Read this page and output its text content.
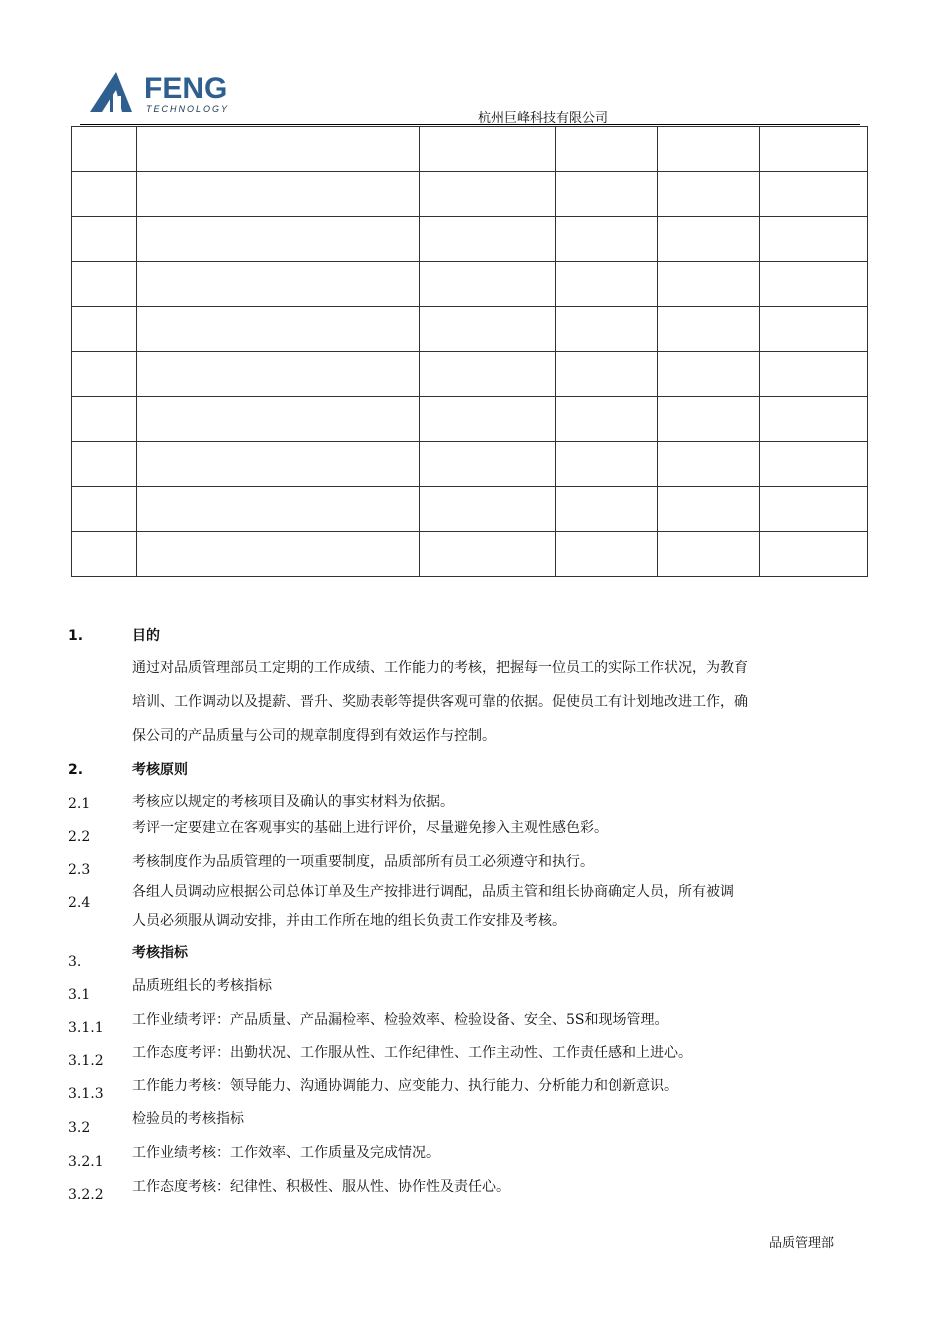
FENG
TECHNOLOGY
杭州巨峰科技有限公司

1.	目的
通过对品质管理部员工定期的工作成绩、工作能力的考核，把握每一位员工的实际工作状况，为教育
培训、工作调动以及提薪、晋升、奖励表彰等提供客观可靠的依据。促使员工有计划地改进工作，确
保公司的产品质量与公司的规章制度得到有效运作与控制。
2.	考核原则
2.1	考核应以规定的考核项目及确认的事实材料为依据。
2.2
考评一定要建立在客观事实的基础上进行评价，尽量避免掺入主观性感色彩。
2.3	考核制度作为品质管理的一项重要制度，品质部所有员工必须遵守和执行。
2.4
各组人员调动应根据公司总体订单及生产按排进行调配，品质主管和组长协商确定人员，所有被调
人员必须服从调动安排，并由工作所在地的组长负责工作安排及考核。
3.
考核指标
3.1
品质班组长的考核指标
3.1.1 工作业绩考评：产品质量、产品漏检率、检验效率、检验设备、安全、5S和现场管理。
3.1.2 工作态度考评：出勤状况、工作服从性、工作纪律性、工作主动性、工作责任感和上进心。
3.1.3 工作能力考核：领导能力、沟通协调能力、应变能力、执行能力、分析能力和创新意识。
3.2
检验员的考核指标
3.2.1
工作业绩考核：工作效率、工作质量及完成情况。
3.2.2 工作态度考核：纪律性、积极性、服从性、协作性及责任心。
品质管理部
